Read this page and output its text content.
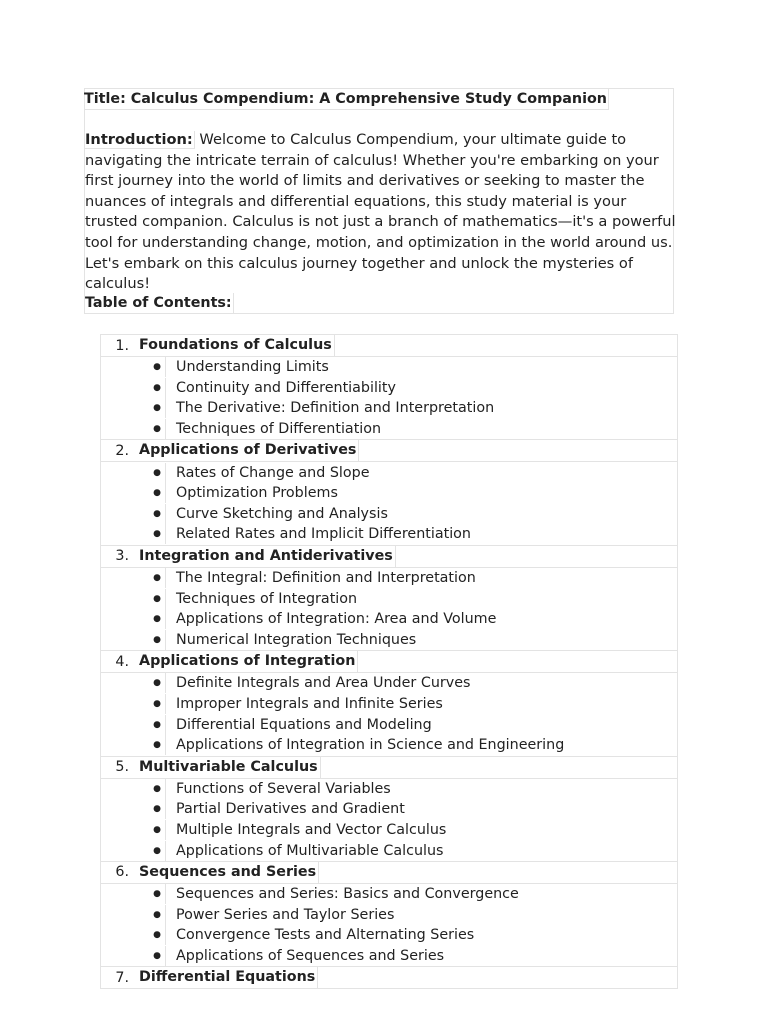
Title: Calculus Compendium: A Comprehensive Study Companion

Introduction: Welcome to Calculus Compendium, your ultimate guide to navigating the intricate terrain of calculus! Whether you're embarking on your first journey into the world of limits and derivatives or seeking to master the nuances of integrals and differential equations, this study material is your trusted companion. Calculus is not just a branch of mathematics—it's a powerful tool for understanding change, motion, and optimization in the world around us. Let's embark on this calculus journey together and unlock the mysteries of calculus!

Table of Contents:
1. Foundations of Calculus
●	Understanding Limits
●	Continuity and Differentiability
●	The Derivative: Definition and Interpretation
●	Techniques of Differentiation
2. Applications of Derivatives
●	Rates of Change and Slope
●	Optimization Problems
●	Curve Sketching and Analysis
●	Related Rates and Implicit Differentiation
3. Integration and Antiderivatives
●	The Integral: Definition and Interpretation
●	Techniques of Integration
●	Applications of Integration: Area and Volume
●	Numerical Integration Techniques
4. Applications of Integration
●	Definite Integrals and Area Under Curves
●	Improper Integrals and Infinite Series
●	Differential Equations and Modeling
●	Applications of Integration in Science and Engineering
5. Multivariable Calculus
●	Functions of Several Variables
●	Partial Derivatives and Gradient
●	Multiple Integrals and Vector Calculus
●	Applications of Multivariable Calculus
6. Sequences and Series
●	Sequences and Series: Basics and Convergence
●	Power Series and Taylor Series
●	Convergence Tests and Alternating Series
●	Applications of Sequences and Series
7. Differential Equations
